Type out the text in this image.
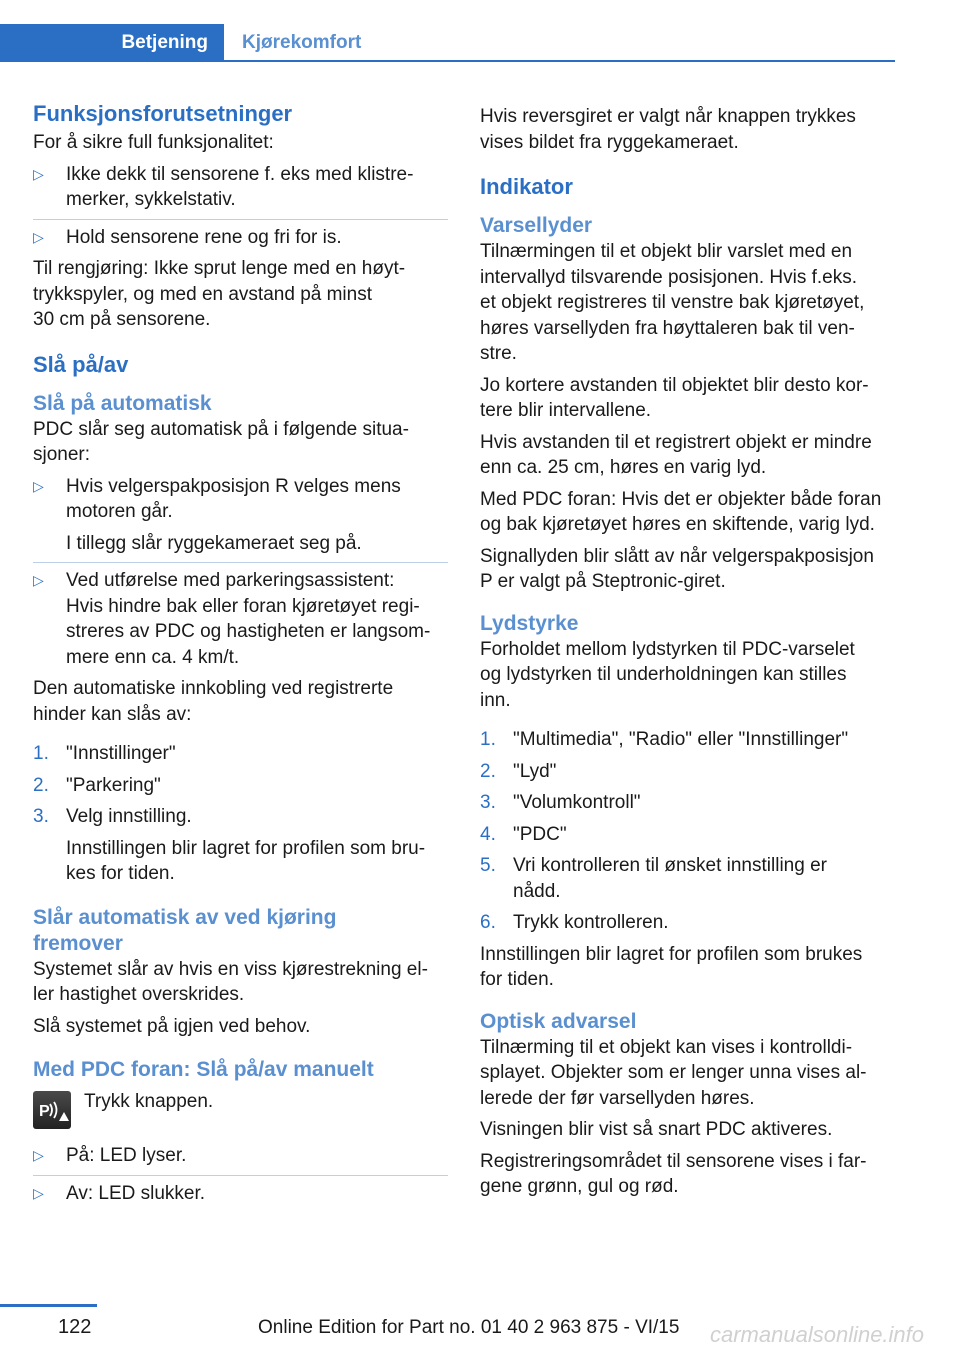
Betjening	Kjørekomfort
Funksjonsforutsetninger
For å sikre full funksjonalitet:
▷ Ikke dekk til sensorene f. eks med klistre-
merker, sykkelstativ.
▷ Hold sensorene rene og fri for is.
Til rengjøring: Ikke sprut lenge med en høyt-
trykkspyler, og med en avstand på minst
30 cm på sensorene.
Slå på/av
Slå på automatisk
PDC slår seg automatisk på i følgende situa-
sjoner:
▷ Hvis velgerspakposisjon R velges mens
motoren går.
I tillegg slår ryggekameraet seg på.
▷ Ved utførelse med parkeringsassistent:
Hvis hindre bak eller foran kjøretøyet regi-
streres av PDC og hastigheten er langsom-
mere enn ca. 4 km/t.
Den automatiske innkobling ved registrerte
hinder kan slås av:
1. "Innstillinger"
2. "Parkering"
3. Velg innstilling.
Innstillingen blir lagret for profilen som bru-
kes for tiden.
Slår automatisk av ved kjøring
fremover
Systemet slår av hvis en viss kjørestrekning el-
ler hastighet overskrides.
Slå systemet på igjen ved behov.
Med PDC foran: Slå på/av manuelt
P Trykk knappen.
▷ På: LED lyser.
▷ Av: LED slukker.
Hvis reversgiret er valgt når knappen trykkes
vises bildet fra ryggekameraet.
Indikator
Varsellyder
Tilnærmingen til et objekt blir varslet med en
intervallyd tilsvarende posisjonen. Hvis f.eks.
et objekt registreres til venstre bak kjøretøyet,
høres varsellyden fra høyttaleren bak til ven-
stre.
Jo kortere avstanden til objektet blir desto kor-
tere blir intervallene.
Hvis avstanden til et registrert objekt er mindre
enn ca. 25 cm, høres en varig lyd.
Med PDC foran: Hvis det er objekter både foran
og bak kjøretøyet høres en skiftende, varig lyd.
Signallyden blir slått av når velgerspakposisjon
P er valgt på Steptronic-giret.
Lydstyrke
Forholdet mellom lydstyrken til PDC-varselet
og lydstyrken til underholdningen kan stilles
inn.
1. "Multimedia", "Radio" eller "Innstillinger"
2. "Lyd"
3. "Volumkontroll"
4. "PDC"
5. Vri kontrolleren til ønsket innstilling er
nådd.
6. Trykk kontrolleren.
Innstillingen blir lagret for profilen som brukes
for tiden.
Optisk advarsel
Tilnærming til et objekt kan vises i kontrolldi-
splayet. Objekter som er lenger unna vises al-
lerede der før varsellyden høres.
Visningen blir vist så snart PDC aktiveres.
Registreringsområdet til sensorene vises i far-
gene grønn, gul og rød.
122	Online Edition for Part no. 01 40 2 963 875 - VI/15 carmanualsonline.info
